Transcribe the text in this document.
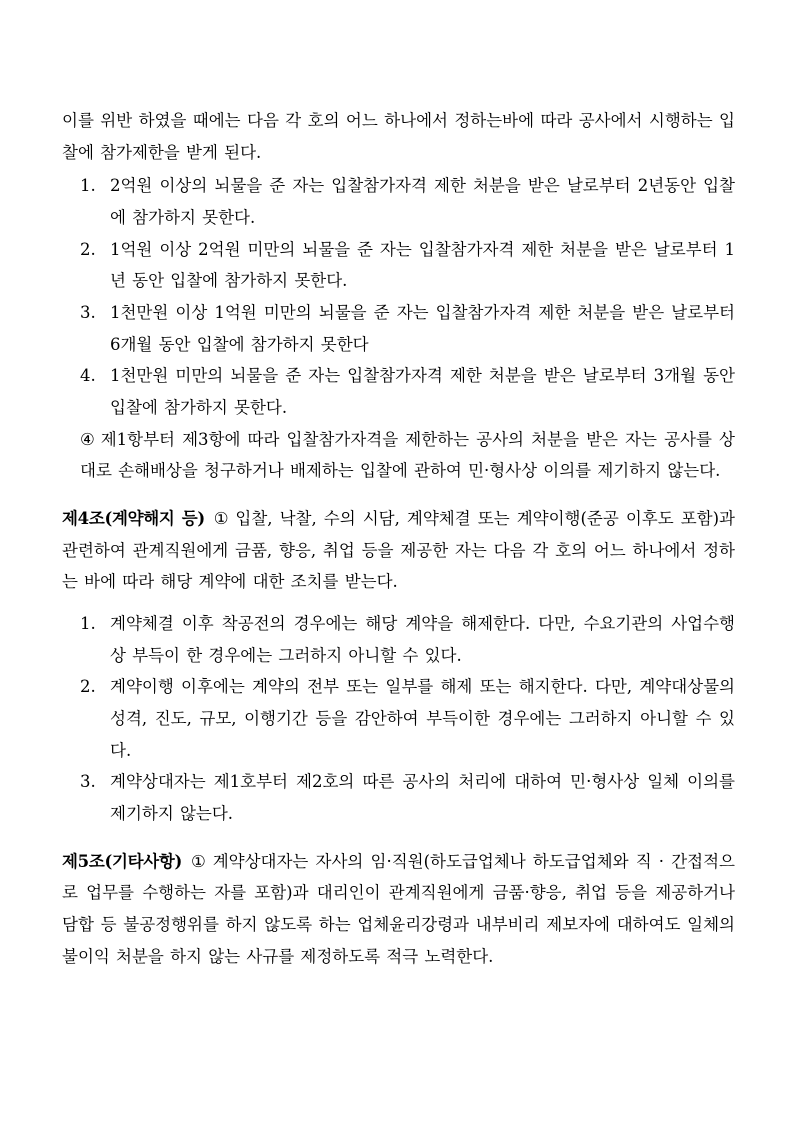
이를 위반 하였을 때에는 다음 각 호의 어느 하나에서 정하는바에 따라 공사에서 시행하는 입찰에 참가제한을 받게 된다.

1. 2억원 이상의 뇌물을 준 자는 입찰참가자격 제한 처분을 받은 날로부터 2년동안 입찰에 참가하지 못한다.
2. 1억원 이상 2억원 미만의 뇌물을 준 자는 입찰참가자격 제한 처분을 받은 날로부터 1년 동안 입찰에 참가하지 못한다.
3. 1천만원 이상 1억원 미만의 뇌물을 준 자는 입찰참가자격 제한 처분을 받은 날로부터 6개월 동안 입찰에 참가하지 못한다
4. 1천만원 미만의 뇌물을 준 자는 입찰참가자격 제한 처분을 받은 날로부터 3개월 동안 입찰에 참가하지 못한다.

④ 제1항부터 제3항에 따라 입찰참가자격을 제한하는 공사의 처분을 받은 자는 공사를 상대로 손해배상을 청구하거나 배제하는 입찰에 관하여 민·형사상 이의를 제기하지 않는다.

제4조(계약해지 등) ① 입찰, 낙찰, 수의 시담, 계약체결 또는 계약이행(준공 이후도 포함)과 관련하여 관계직원에게 금품, 향응, 취업 등을 제공한 자는 다음 각 호의 어느 하나에서 정하는 바에 따라 해당 계약에 대한 조치를 받는다.

1. 계약체결 이후 착공전의 경우에는 해당 계약을 해제한다. 다만, 수요기관의 사업수행 상 부득이 한 경우에는 그러하지 아니할 수 있다.
2. 계약이행 이후에는 계약의 전부 또는 일부를 해제 또는 해지한다. 다만, 계약대상물의 성격, 진도, 규모, 이행기간 등을 감안하여 부득이한 경우에는 그러하지 아니할 수 있다.
3. 계약상대자는 제1호부터 제2호의 따른 공사의 처리에 대하여 민·형사상 일체 이의를 제기하지 않는다.

제5조(기타사항) ① 계약상대자는 자사의 임·직원(하도급업체나 하도급업체와 직 · 간접적으로 업무를 수행하는 자를 포함)과 대리인이 관계직원에게 금품·향응, 취업 등을 제공하거나 담합 등 불공정행위를 하지 않도록 하는 업체윤리강령과 내부비리 제보자에 대하여도 일체의 불이익 처분을 하지 않는 사규를 제정하도록 적극 노력한다.
